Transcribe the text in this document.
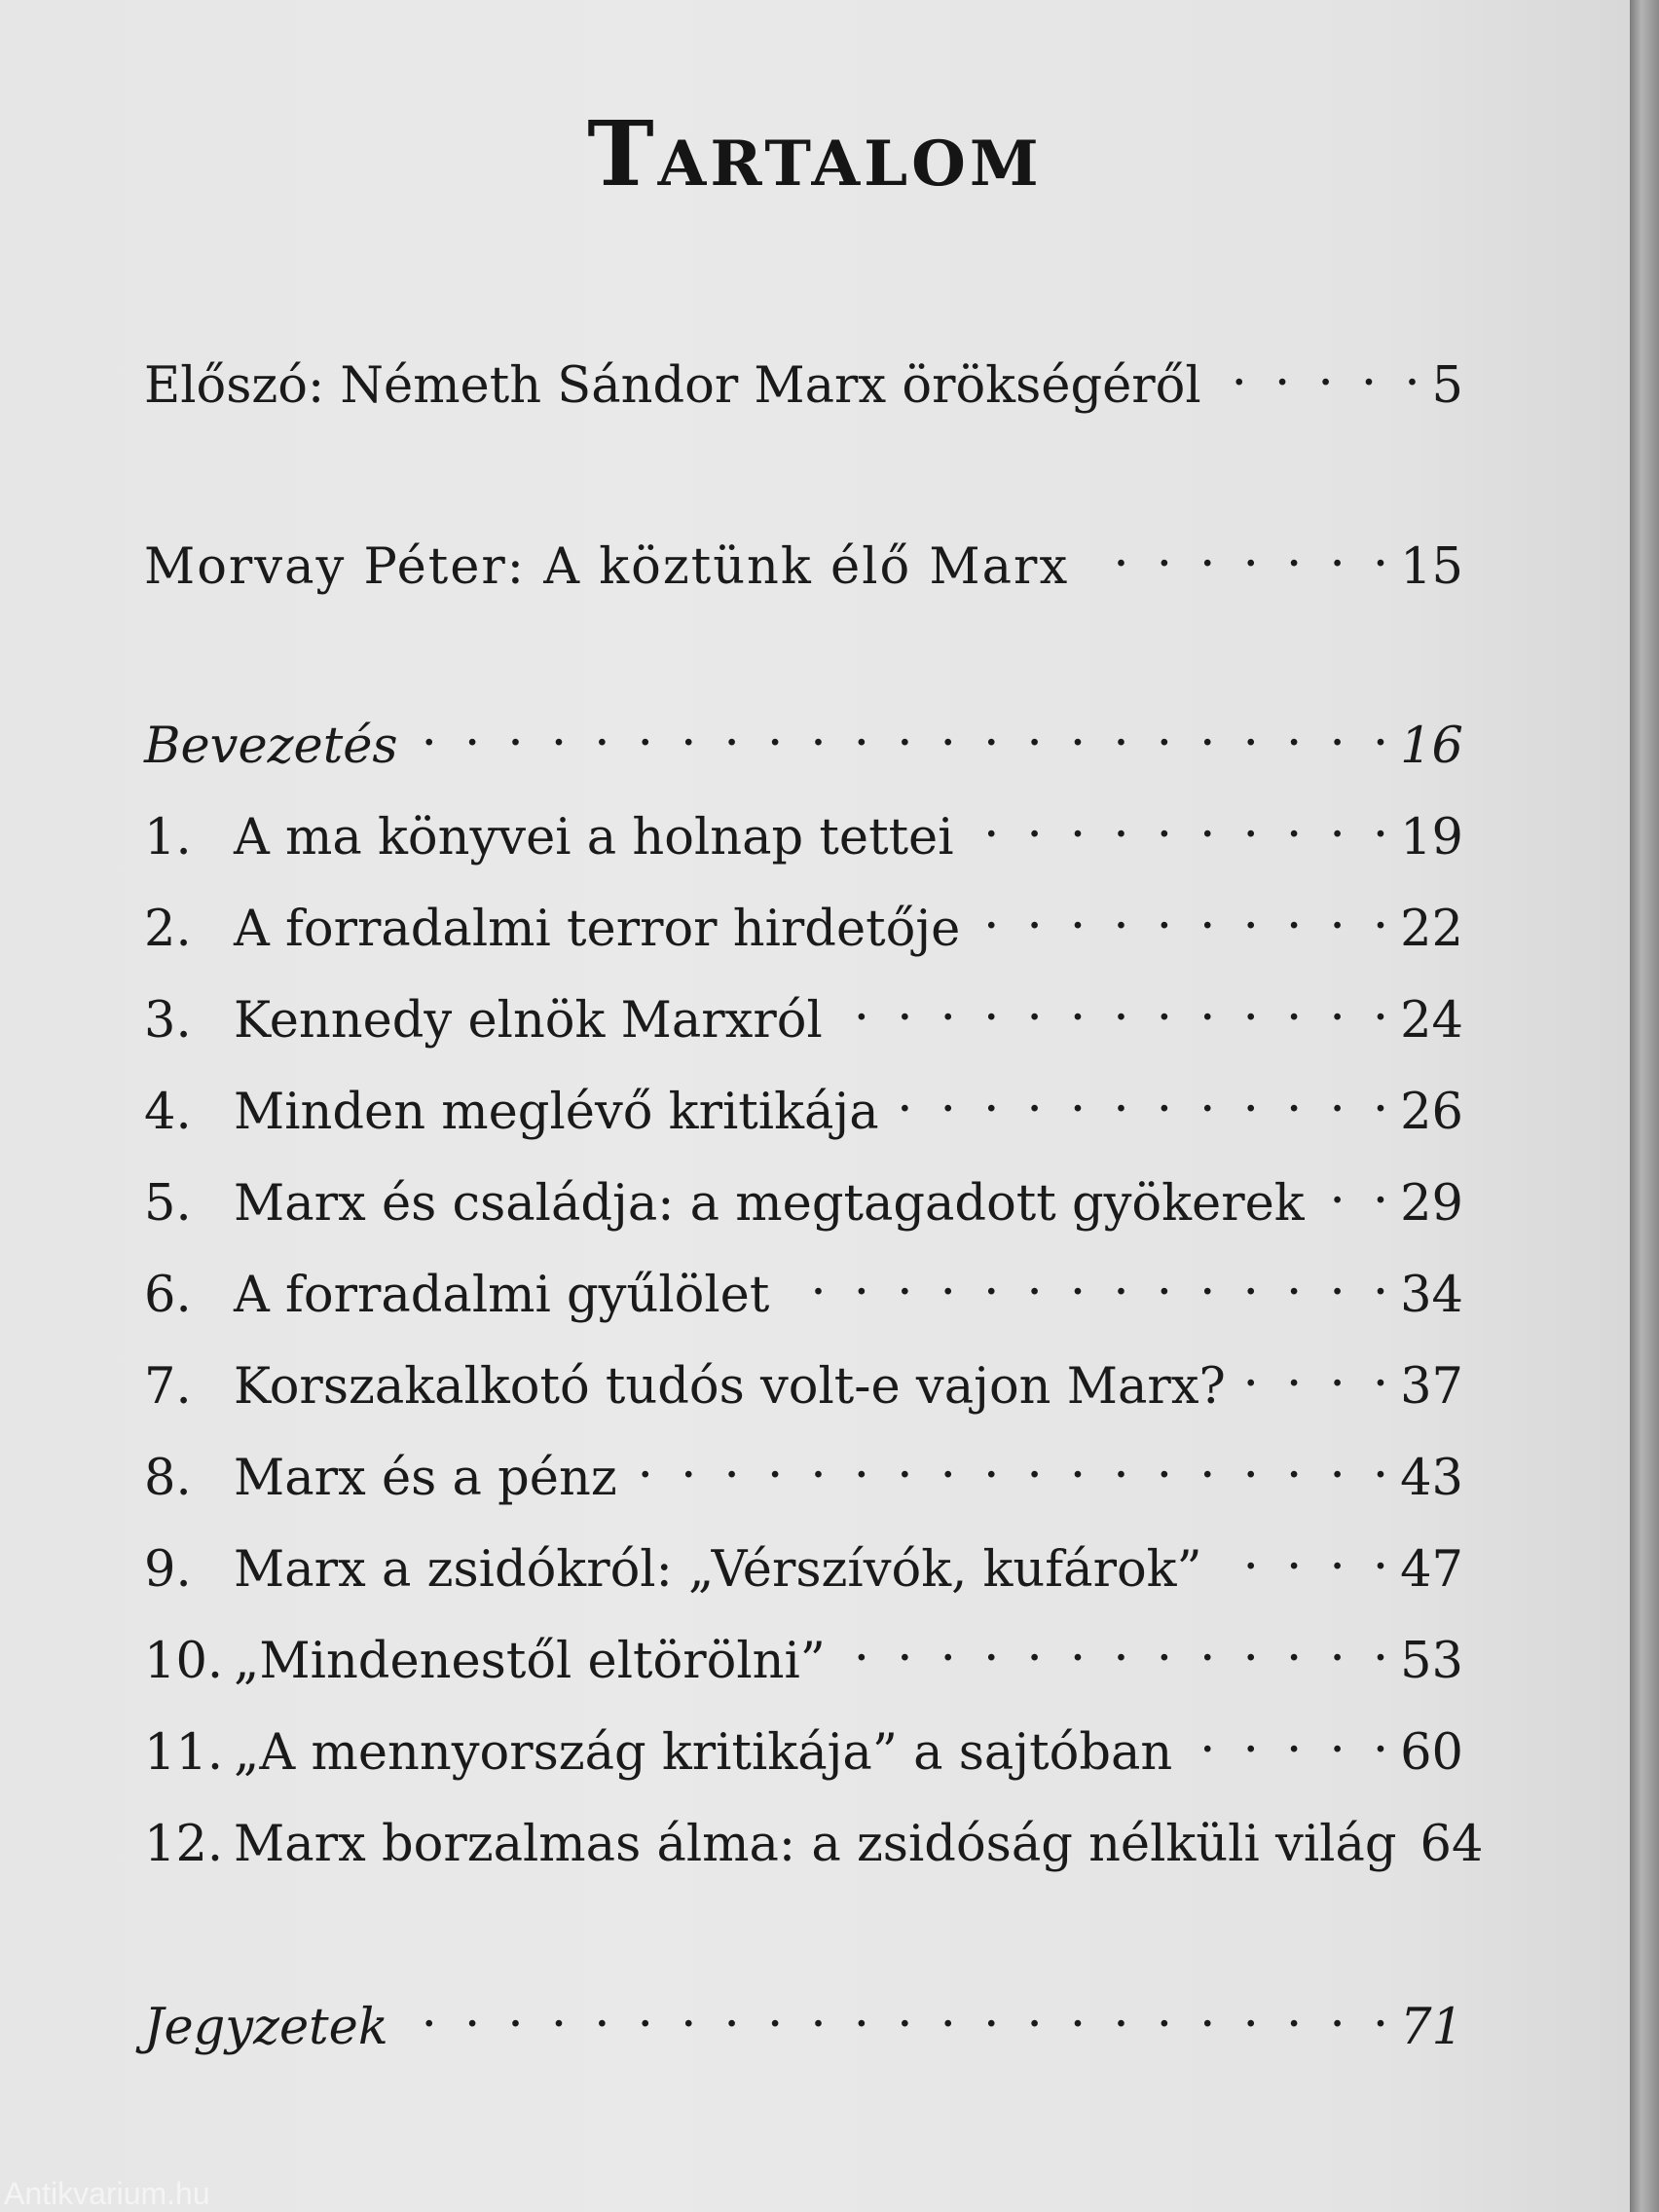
Tartalom
Előszó: Németh Sándor Marx örökségéről . . .	5
Morvay Péter: A köztünk élő Marx . . .	15
Bevezetés . . .	16
1. A ma könyvei a holnap tettei . . .	19
2. A forradalmi terror hirdetője . . .	22
3. Kennedy elnök Marxról . . .	24
4. Minden meglévő kritikája . . .	26
5. Marx és családja: a megtagadott gyökerek . . . 29
6. A forradalmi gyűlölet . . .	34
7. Korszakalkotó tudós volt-e vajon Marx? . . .	37
8. Marx és a pénz . . .	43
9. Marx a zsidókról: „Vérszívók, kufárok” . . .	47
10. „Mindenestől eltörölni” . . .	53
11. „A mennyország kritikája” a sajtóban . . .	60
12. Marx borzalmas álma: a zsidóság nélküli világ 64
Jegyzetek . . .	71
Antikvarium.hu
